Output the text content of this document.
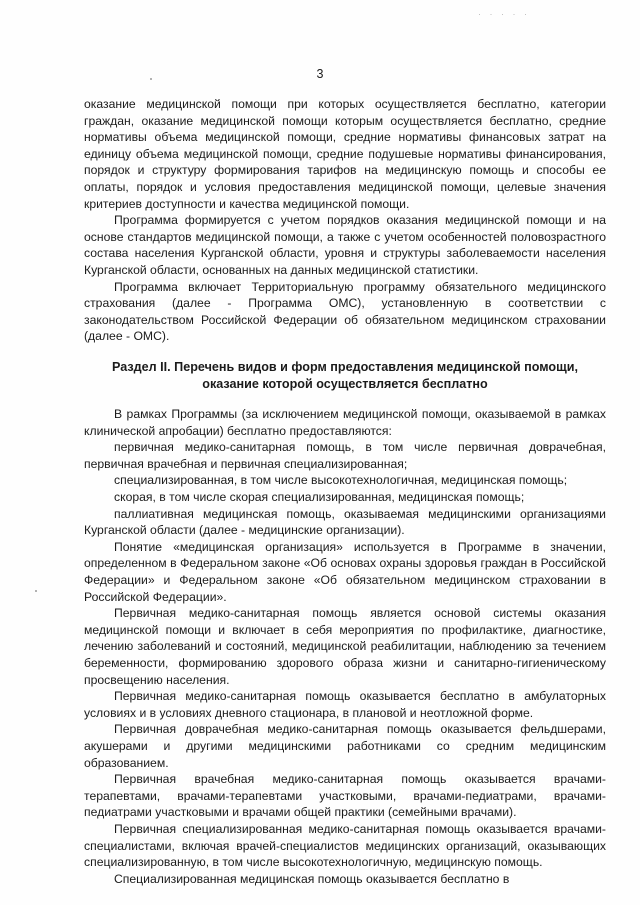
· · · · ·
3

оказание медицинской помощи при которых осуществляется бесплатно, категории граждан, оказание медицинской помощи которым осуществляется бесплатно, средние нормативы объема медицинской помощи, средние нормативы финансовых затрат на единицу объема медицинской помощи, средние подушевые нормативы финансирования, порядок и структуру формирования тарифов на медицинскую помощь и способы ее оплаты, порядок и условия предоставления медицинской помощи, целевые значения критериев доступности и качества медицинской помощи.

Программа формируется с учетом порядков оказания медицинской помощи и на основе стандартов медицинской помощи, а также с учетом особенностей половозрастного состава населения Курганской области, уровня и структуры заболеваемости населения Курганской области, основанных на данных медицинской статистики.

Программа включает Территориальную программу обязательного медицинского страхования (далее - Программа ОМС), установленную в соответствии с законодательством Российской Федерации об обязательном медицинском страховании (далее - ОМС).

Раздел II. Перечень видов и форм предоставления медицинской помощи, оказание которой осуществляется бесплатно

В рамках Программы (за исключением медицинской помощи, оказываемой в рамках клинической апробации) бесплатно предоставляются:

первичная медико-санитарная помощь, в том числе первичная доврачебная, первичная врачебная и первичная специализированная;

специализированная, в том числе высокотехнологичная, медицинская помощь;

скорая, в том числе скорая специализированная, медицинская помощь;

паллиативная медицинская помощь, оказываемая медицинскими организациями Курганской области (далее - медицинские организации).

Понятие «медицинская организация» используется в Программе в значении, определенном в Федеральном законе «Об основах охраны здоровья граждан в Российской Федерации» и Федеральном законе «Об обязательном медицинском страховании в Российской Федерации».

Первичная медико-санитарная помощь является основой системы оказания медицинской помощи и включает в себя мероприятия по профилактике, диагностике, лечению заболеваний и состояний, медицинской реабилитации, наблюдению за течением беременности, формированию здорового образа жизни и санитарно-гигиеническому просвещению населения.

Первичная медико-санитарная помощь оказывается бесплатно в амбулаторных условиях и в условиях дневного стационара, в плановой и неотложной форме.

Первичная доврачебная медико-санитарная помощь оказывается фельдшерами, акушерами и другими медицинскими работниками со средним медицинским образованием.

Первичная врачебная медико-санитарная помощь оказывается врачами-терапевтами, врачами-терапевтами участковыми, врачами-педиатрами, врачами-педиатрами участковыми и врачами общей практики (семейными врачами).

Первичная специализированная медико-санитарная помощь оказывается врачами-специалистами, включая врачей-специалистов медицинских организаций, оказывающих специализированную, в том числе высокотехнологичную, медицинскую помощь.

Специализированная медицинская помощь оказывается бесплатно в
